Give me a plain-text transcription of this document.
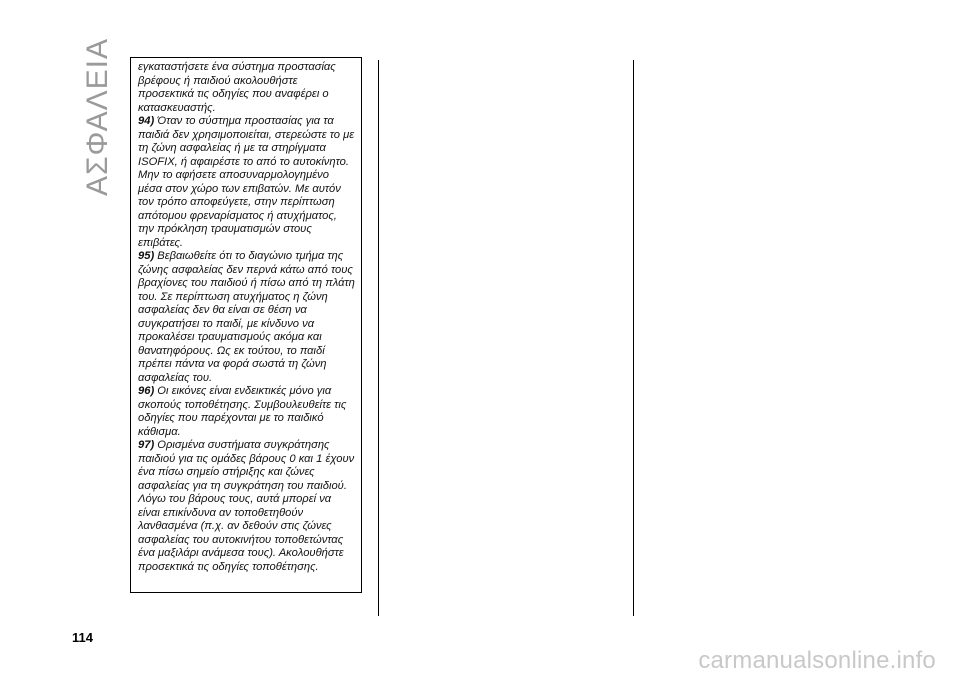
ΑΣΦΑΛΕΙΑ εγκαταστήσετε ένα σύστημα προστασίας βρέφους ή παιδιού ακολουθήστε προσεκτικά τις οδηγίες που αναφέρει ο κατασκευαστής.

94) Όταν το σύστημα προστασίας για τα παιδιά δεν χρησιμοποιείται, στερεώστε το με τη ζώνη ασφαλείας ή με τα στηρίγματα ISOFIX, ή αφαιρέστε το από το αυτοκίνητο. Μην το αφήσετε αποσυναρμολογημένο μέσα στον χώρο των επιβατών. Με αυτόν τον τρόπο αποφεύγετε, στην περίπτωση απότομου φρεναρίσματος ή ατυχήματος, την πρόκληση τραυματισμών στους επιβάτες.

95) Βεβαιωθείτε ότι το διαγώνιο τμήμα της ζώνης ασφαλείας δεν περνά κάτω από τους βραχίονες του παιδιού ή πίσω από τη πλάτη του. Σε περίπτωση ατυχήματος η ζώνη ασφαλείας δεν θα είναι σε θέση να συγκρατήσει το παιδί, με κίνδυνο να προκαλέσει τραυματισμούς ακόμα και θανατηφόρους. Ως εκ τούτου, το παιδί πρέπει πάντα να φορά σωστά τη ζώνη ασφαλείας του.

96) Οι εικόνες είναι ενδεικτικές μόνο για σκοπούς τοποθέτησης. Συμβουλευθείτε τις οδηγίες που παρέχονται με το παιδικό κάθισμα.

97) Ορισμένα συστήματα συγκράτησης παιδιού για τις ομάδες βάρους 0 και 1 έχουν ένα πίσω σημείο στήριξης και ζώνες ασφαλείας για τη συγκράτηση του παιδιού. Λόγω του βάρους τους, αυτά μπορεί να είναι επικίνδυνα αν τοποθετηθούν λανθασμένα (π.χ. αν δεθούν στις ζώνες ασφαλείας του αυτοκινήτου τοποθετώντας ένα μαξιλάρι ανάμεσα τους). Ακολουθήστε προσεκτικά τις οδηγίες τοποθέτησης.

114
carmanualsonline.info
